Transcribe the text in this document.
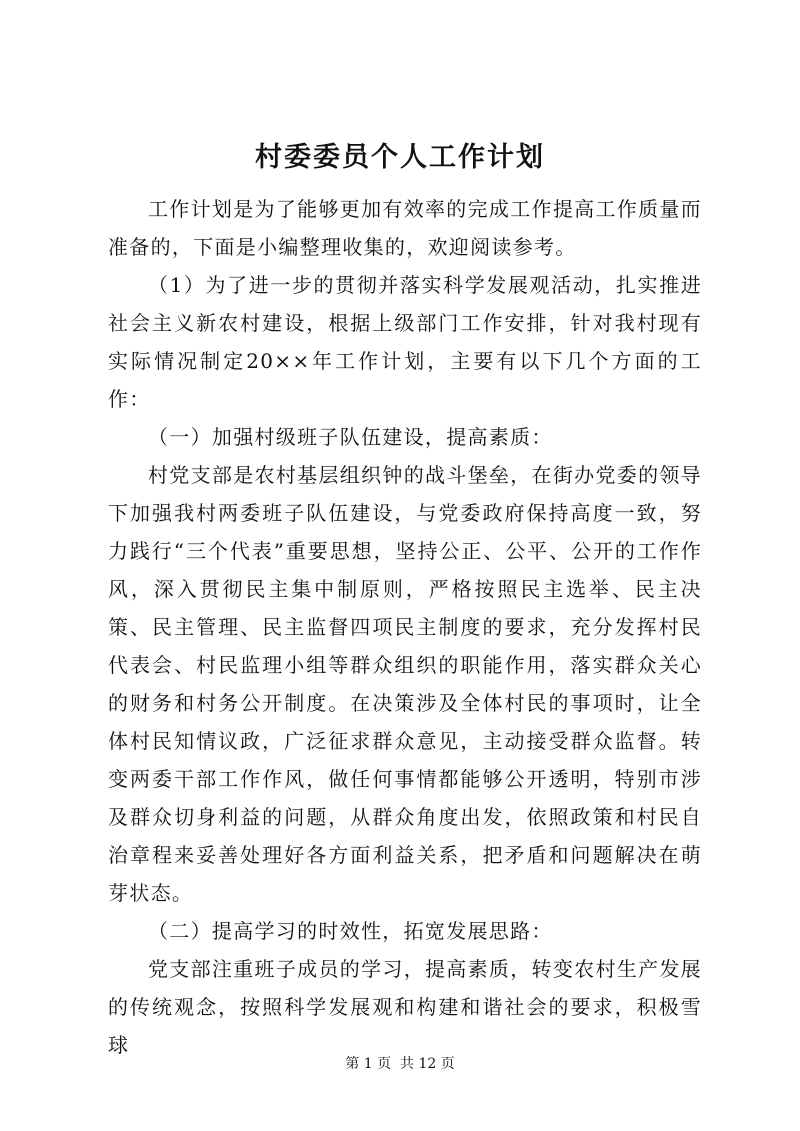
村委委员个人工作计划

工作计划是为了能够更加有效率的完成工作提高工作质量而准备的，下面是小编整理收集的，欢迎阅读参考。

（1）为了进一步的贯彻并落实科学发展观活动，扎实推进社会主义新农村建设，根据上级部门工作安排，针对我村现有实际情况制定20××年工作计划，主要有以下几个方面的工作：

（一）加强村级班子队伍建设，提高素质：

村党支部是农村基层组织钟的战斗堡垒，在街办党委的领导下加强我村两委班子队伍建设，与党委政府保持高度一致，努力践行“三个代表”重要思想，坚持公正、公平、公开的工作作风，深入贯彻民主集中制原则，严格按照民主选举、民主决策、民主管理、民主监督四项民主制度的要求，充分发挥村民代表会、村民监理小组等群众组织的职能作用，落实群众关心的财务和村务公开制度。在决策涉及全体村民的事项时，让全体村民知情议政，广泛征求群众意见，主动接受群众监督。转变两委干部工作作风，做任何事情都能够公开透明，特别市涉及群众切身利益的问题，从群众角度出发，依照政策和村民自治章程来妥善处理好各方面利益关系，把矛盾和问题解决在萌芽状态。

（二）提高学习的时效性，拓宽发展思路：

党支部注重班子成员的学习，提高素质，转变农村生产发展的传统观念，按照科学发展观和构建和谐社会的要求，积极雪球

第 1 页  共 12 页
